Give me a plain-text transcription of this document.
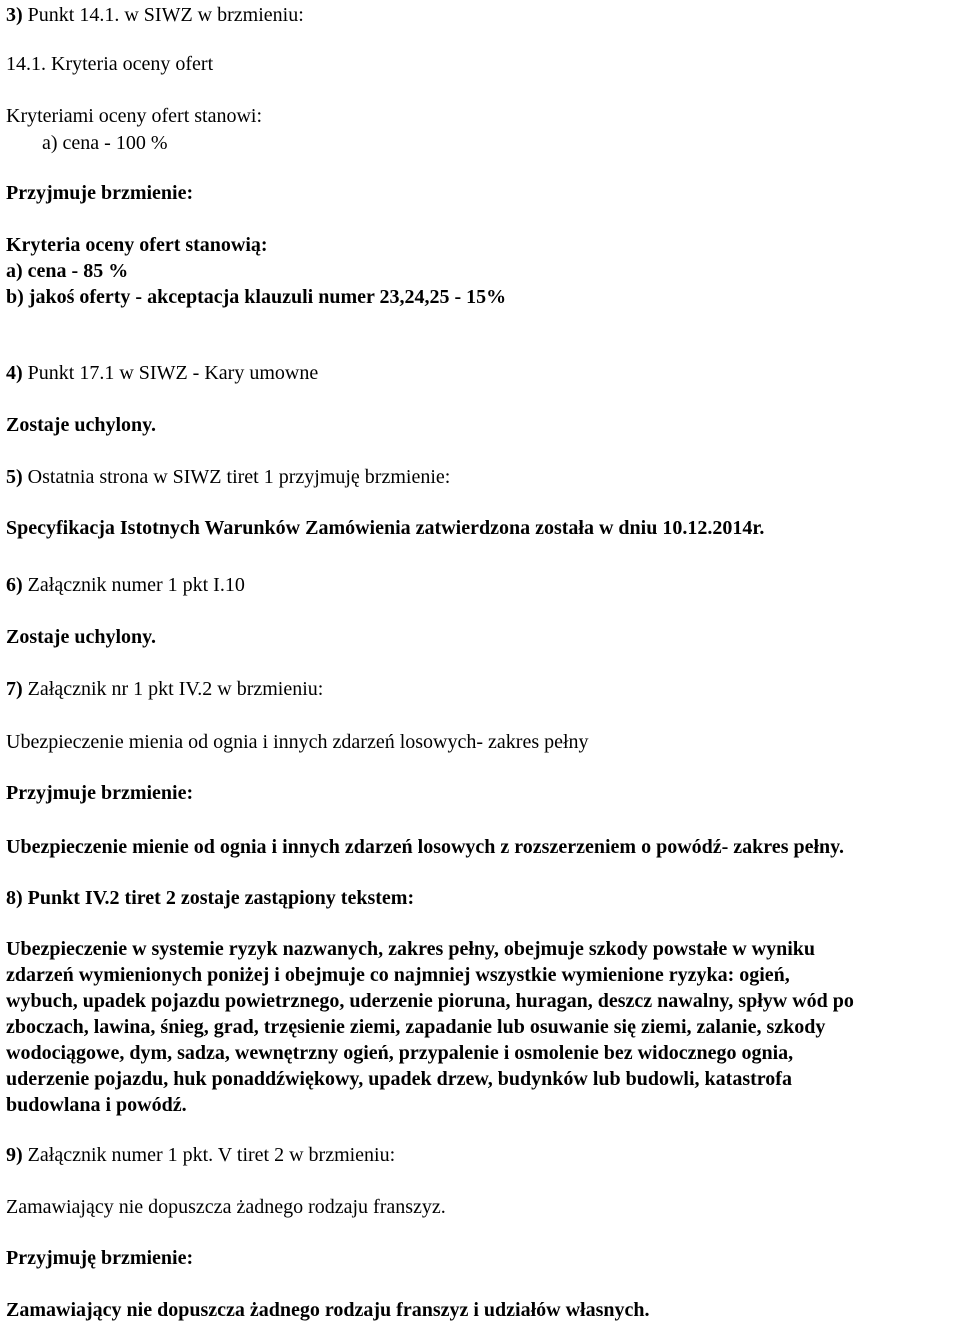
3) Punkt 14.1. w SIWZ w brzmieniu:
14.1. Kryteria oceny ofert
Kryteriami oceny ofert stanowi:
a) cena - 100 %
Przyjmuje brzmienie:
Kryteria oceny ofert stanowią:
a) cena - 85 %
b) jakoś oferty - akceptacja klauzuli numer 23,24,25 - 15%
4) Punkt 17.1 w SIWZ - Kary umowne
Zostaje uchylony.
5) Ostatnia strona w SIWZ tiret 1 przyjmuję brzmienie:
Specyfikacja Istotnych Warunków Zamówienia zatwierdzona została w dniu 10.12.2014r.
6) Załącznik numer 1 pkt I.10
Zostaje uchylony.
7) Załącznik nr 1 pkt IV.2 w brzmieniu:
Ubezpieczenie mienia od ognia i innych zdarzeń losowych- zakres pełny
Przyjmuje brzmienie:
Ubezpieczenie mienie od ognia i innych zdarzeń losowych z rozszerzeniem o powódź- zakres pełny.
8) Punkt IV.2 tiret 2 zostaje zastąpiony tekstem:
Ubezpieczenie w systemie ryzyk nazwanych, zakres pełny, obejmuje szkody powstałe w wyniku
zdarzeń wymienionych poniżej i obejmuje co najmniej wszystkie wymienione ryzyka: ogień,
wybuch, upadek pojazdu powietrznego, uderzenie pioruna, huragan, deszcz nawalny, spływ wód po
zboczach, lawina, śnieg, grad, trzęsienie ziemi, zapadanie lub osuwanie się ziemi, zalanie, szkody
wodociągowe, dym, sadza, wewnętrzny ogień, przypalenie i osmolenie bez widocznego ognia,
uderzenie pojazdu, huk ponaddźwiękowy, upadek drzew, budynków lub budowli, katastrofa
budowlana i powódź.
9) Załącznik numer 1 pkt. V tiret 2 w brzmieniu:
Zamawiający nie dopuszcza żadnego rodzaju franszyz.
Przyjmuję brzmienie:
Zamawiający nie dopuszcza żadnego rodzaju franszyz i udziałów własnych.
